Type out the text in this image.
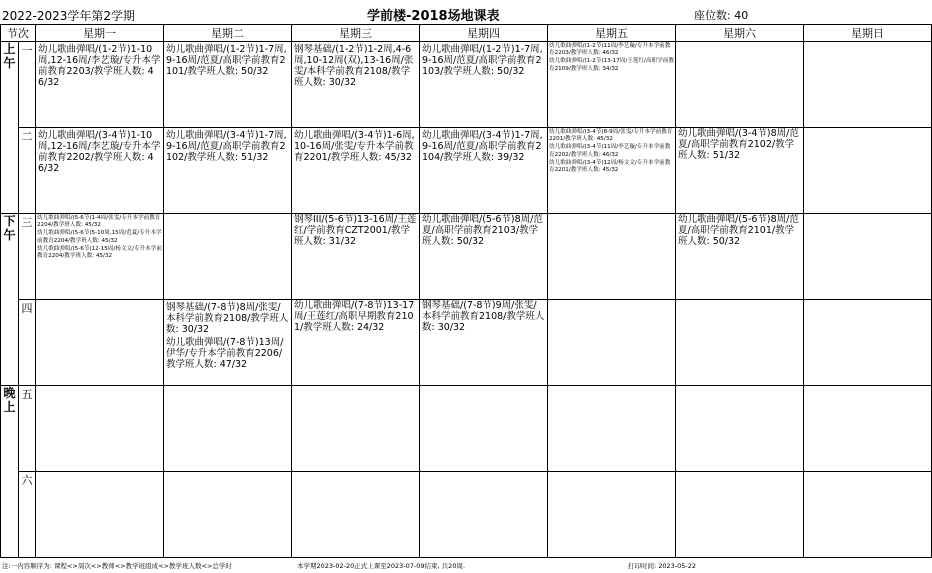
2022-2023学年第2学期	学前楼-2018场地课表	座位数: 40
节次		星期一	星期二	星期三	星期四	星期五	星期六	星期日
上午	一	幼儿歌曲弹唱/(1-2节)1-10周,12-16周/李艺璇/专升本学前教育2203/教学班人数: 46/32	幼儿歌曲弹唱/(1-2节)1-7周,9-16周/范夏/高职学前教育2101/教学班人数: 50/32	钢琴基础/(1-2节)1-2周,4-6周,10-12周(双),13-16周/张雯/本科学前教育2108/教学班人数: 30/32	幼儿歌曲弹唱/(1-2节)1-7周,9-16周/范夏/高职学前教育2103/教学班人数: 50/32	幼儿歌曲弹唱/(1-2节)11周/李艺璇/专升本学前教育2203/教学班人数: 46/32
幼儿歌曲弹唱/(1-2节)13-17周/王莲红/高职学前教育2109/教学班人数: 34/32		

	二	幼儿歌曲弹唱/(3-4节)1-10周,12-16周/李艺璇/专升本学前教育2202/教学班人数: 46/32	幼儿歌曲弹唱/(3-4节)1-7周,9-16周/范夏/高职学前教育2102/教学班人数: 51/32	幼儿歌曲弹唱/(3-4节)1-6周,10-16周/张雯/专升本学前教育2201/教学班人数: 45/32	幼儿歌曲弹唱/(3-4节)1-7周,9-16周/范夏/高职学前教育2104/教学班人数: 39/32	幼儿歌曲弹唱/(3-4节)8-9周/张雯/专升本学前教育2201/教学班人数: 45/32
幼儿歌曲弹唱/(3-4节)11周/李艺璇/专升本学前教育2202/教学班人数: 46/32
幼儿歌曲弹唱/(3-4节)12周/杨文文/专升本学前教育2201/教学班人数: 45/32	幼儿歌曲弹唱/(3-4节)8周/范夏/高职学前教育2102/教学班人数: 51/32	

下午	三	幼儿歌曲弹唱/(5-6节)1-4周/张雯/专升本学前教育2204/教学班人数: 45/32
幼儿歌曲弹唱/(5-6节)5-10周,15周/范夏/专升本学前教育2204/教学班人数: 45/32
幼儿歌曲弹唱/(5-6节)12-15周/杨文文/专升本学前教育2204/教学班人数: 45/32		钢琴III/(5-6节)13-16周/王莲红/学前教育CZT2001/教学班人数: 31/32	幼儿歌曲弹唱/(5-6节)8周/范夏/高职学前教育2103/教学班人数: 50/32		幼儿歌曲弹唱/(5-6节)8周/范夏/高职学前教育2101/教学班人数: 50/32	

	四		钢琴基础/(7-8节)8周/张雯/本科学前教育2108/教学班人数: 30/32
幼儿歌曲弹唱/(7-8节)13周/伊华/专升本学前教育2206/教学班人数: 47/32	幼儿歌曲弹唱/(7-8节)13-17周/王莲红/高职早期教育2101/教学班人数: 24/32	钢琴基础/(7-8节)9周/张雯/本科学前教育2108/教学班人数: 30/32			

晚上	五							
	六							
注:一内容顺序为: 课程<>周次<>教师<>教学班组成<>教学班人数<>总学时	本学期2023-02-20正式上课至2023-07-09结束, 共20周.	打印时间: 2023-05-22
